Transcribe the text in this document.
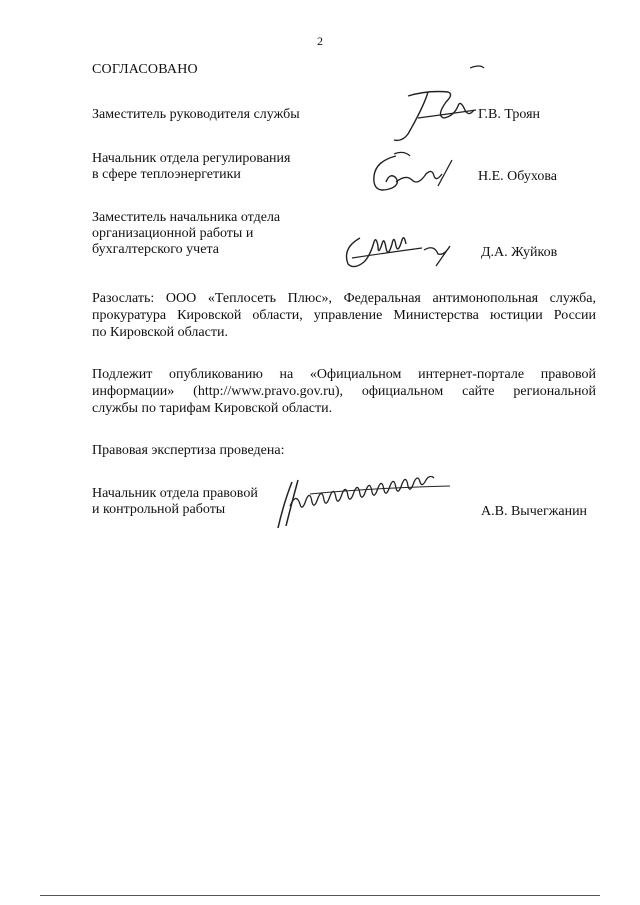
2
СОГЛАСОВАНО
Заместитель руководителя службы	Г.В. Троян
Начальник отдела регулирования
в сфере теплоэнергетики	Н.Е. Обухова
Заместитель начальника отдела
организационной работы и
бухгалтерского учета	Д.А. Жуйков
Разослать: ООО «Теплосеть Плюс», Федеральная антимонопольная служба,
прокуратура Кировской области, управление Министерства юстиции России
по Кировской области.
Подлежит опубликованию на «Официальном интернет-портале правовой
информации» (http://www.pravo.gov.ru), официальном сайте региональной
службы по тарифам Кировской области.
Правовая экспертиза проведена:
Начальник отдела правовой
и контрольной работы	А.В. Вычегжанин
